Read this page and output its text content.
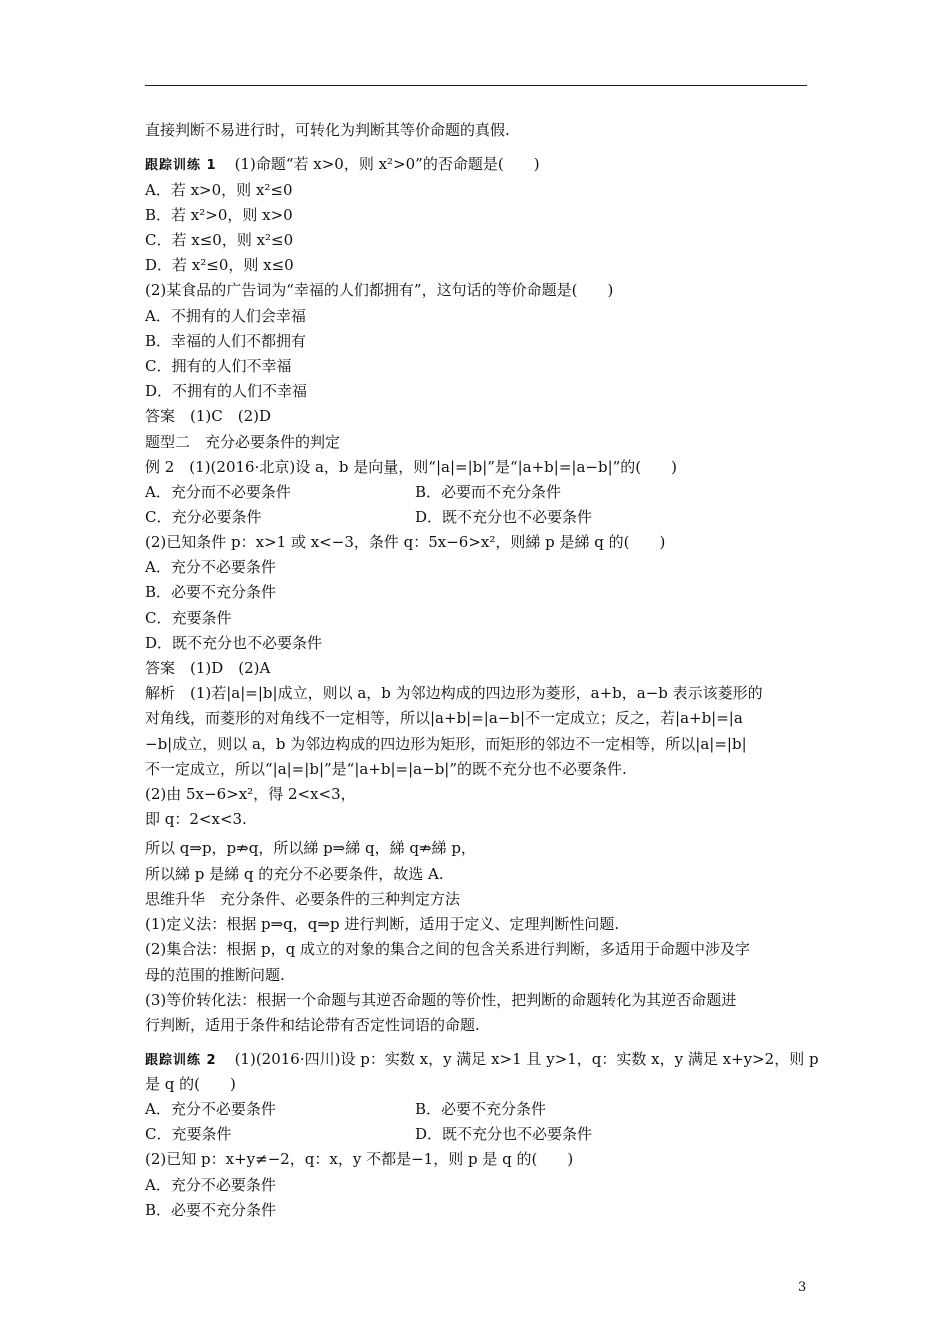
直接判断不易进行时，可转化为判断其等价命题的真假.
跟踪训练 1 (1)命题“若 x>0，则 x²>0”的否命题是(　　)
A．若 x>0，则 x²≤0
B．若 x²>0，则 x>0
C．若 x≤0，则 x²≤0
D．若 x²≤0，则 x≤0
(2)某食品的广告词为“幸福的人们都拥有”，这句话的等价命题是(　　)
A．不拥有的人们会幸福
B．幸福的人们不都拥有
C．拥有的人们不幸福
D．不拥有的人们不幸福
答案　(1)C　(2)D
题型二　充分必要条件的判定
例 2　(1)(2016·北京)设 a，b 是向量，则“|a|=|b|”是“|a+b|=|a−b|”的(　　)
A．充分而不必要条件	B．必要而不充分条件
C．充分必要条件	D．既不充分也不必要条件
(2)已知条件 p：x>1 或 x<−3，条件 q：5x−6>x²，则綈 p 是綈 q 的(　　)
A．充分不必要条件
B．必要不充分条件
C．充要条件
D．既不充分也不必要条件
答案　(1)D　(2)A
解析　(1)若|a|=|b|成立，则以 a，b 为邻边构成的四边形为菱形，a+b，a−b 表示该菱形的
对角线，而菱形的对角线不一定相等，所以|a+b|=|a−b|不一定成立；反之，若|a+b|=|a
−b|成立，则以 a，b 为邻边构成的四边形为矩形，而矩形的邻边不一定相等，所以|a|=|b|
不一定成立，所以“|a|=|b|”是“|a+b|=|a−b|”的既不充分也不必要条件.
(2)由 5x−6>x²，得 2<x<3，
即 q：2<x<3.
所以 q⇒p，p⇏q，所以綈 p⇒綈 q，綈 q⇏綈 p，
所以綈 p 是綈 q 的充分不必要条件，故选 A.
思维升华　充分条件、必要条件的三种判定方法
(1)定义法：根据 p⇒q，q⇒p 进行判断，适用于定义、定理判断性问题.
(2)集合法：根据 p，q 成立的对象的集合之间的包含关系进行判断，多适用于命题中涉及字
母的范围的推断问题.
(3)等价转化法：根据一个命题与其逆否命题的等价性，把判断的命题转化为其逆否命题进
行判断，适用于条件和结论带有否定性词语的命题.
跟踪训练 2 (1)(2016·四川)设 p：实数 x，y 满足 x>1 且 y>1，q：实数 x，y 满足 x+y>2，则 p
是 q 的(　　)
A．充分不必要条件	B．必要不充分条件
C．充要条件	D．既不充分也不必要条件
(2)已知 p：x+y≠−2，q：x，y 不都是−1，则 p 是 q 的(　　)
A．充分不必要条件
B．必要不充分条件
3
